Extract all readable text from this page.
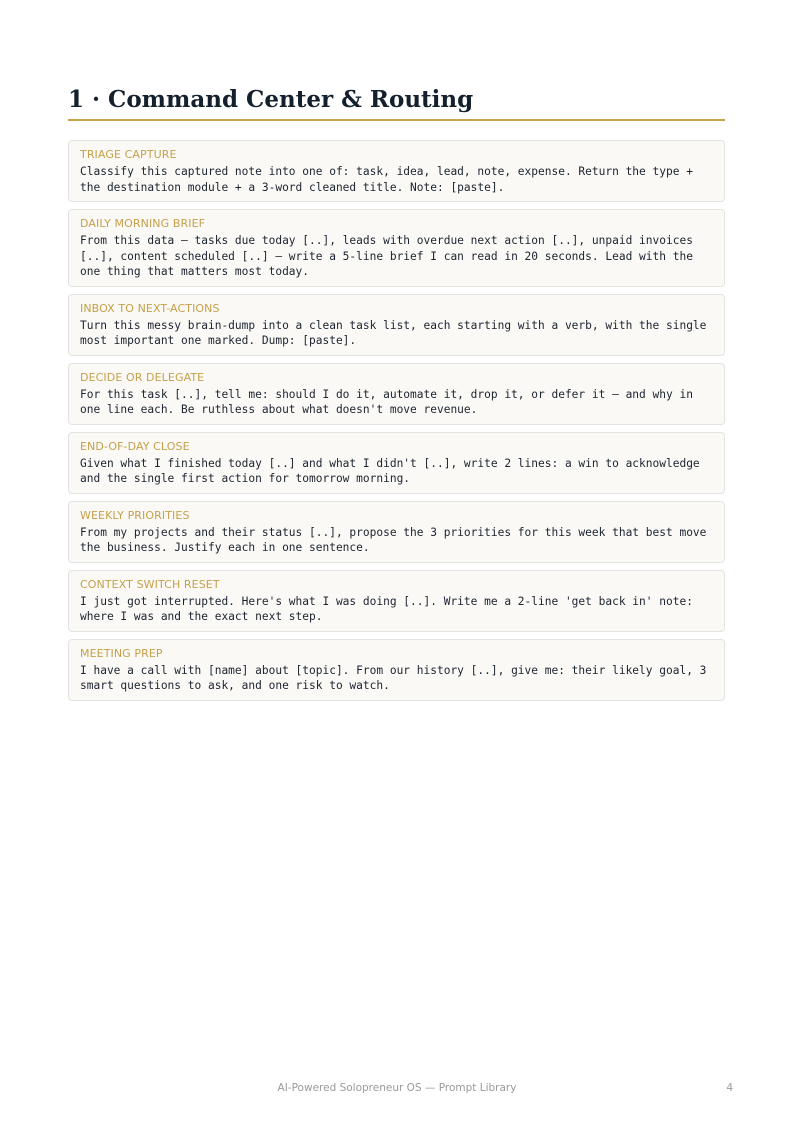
1 · Command Center & Routing
TRIAGE CAPTURE
Classify this captured note into one of: task, idea, lead, note, expense. Return the type + the destination module + a 3-word cleaned title. Note: [paste].
DAILY MORNING BRIEF
From this data — tasks due today [..], leads with overdue next action [..], unpaid invoices [..], content scheduled [..] — write a 5-line brief I can read in 20 seconds. Lead with the one thing that matters most today.
INBOX TO NEXT-ACTIONS
Turn this messy brain-dump into a clean task list, each starting with a verb, with the single most important one marked. Dump: [paste].
DECIDE OR DELEGATE
For this task [..], tell me: should I do it, automate it, drop it, or defer it — and why in one line each. Be ruthless about what doesn't move revenue.
END-OF-DAY CLOSE
Given what I finished today [..] and what I didn't [..], write 2 lines: a win to acknowledge and the single first action for tomorrow morning.
WEEKLY PRIORITIES
From my projects and their status [..], propose the 3 priorities for this week that best move the business. Justify each in one sentence.
CONTEXT SWITCH RESET
I just got interrupted. Here's what I was doing [..]. Write me a 2-line 'get back in' note: where I was and the exact next step.
MEETING PREP
I have a call with [name] about [topic]. From our history [..], give me: their likely goal, 3 smart questions to ask, and one risk to watch.
AI-Powered Solopreneur OS — Prompt Library	4
